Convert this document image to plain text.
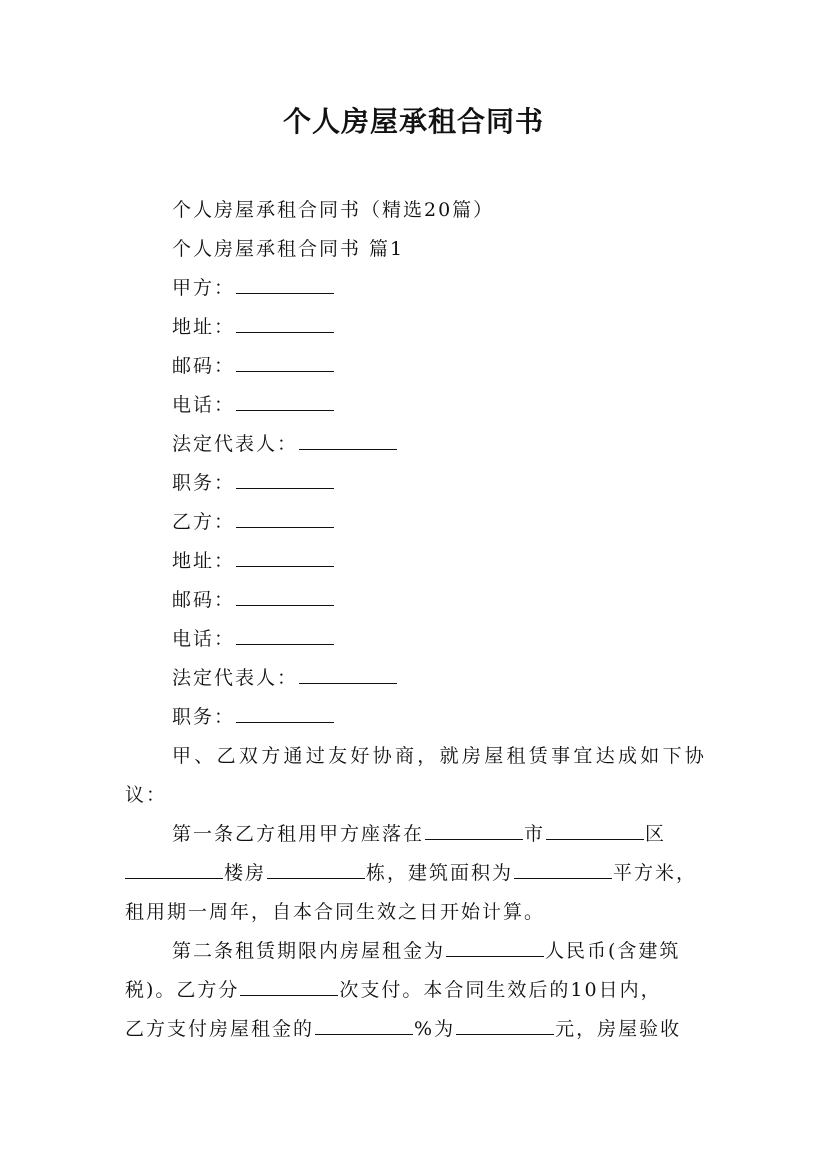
个人房屋承租合同书
个人房屋承租合同书（精选20篇）
个人房屋承租合同书 篇1
甲方：
地址：
邮码：
电话：
法定代表人：
职务：
乙方：
地址：
邮码：
电话：
法定代表人：
职务：
甲、乙双方通过友好协商，就房屋租赁事宜达成如下协
议：
第一条乙方租用甲方座落在	市	区
楼房	栋，建筑面积为	平方米，
租用期一周年，自本合同生效之日开始计算。
第二条租赁期限内房屋租金为	人民币(含建筑
税)。乙方分	次支付。本合同生效后的10日内，
乙方支付房屋租金的	%为	元，房屋验收
